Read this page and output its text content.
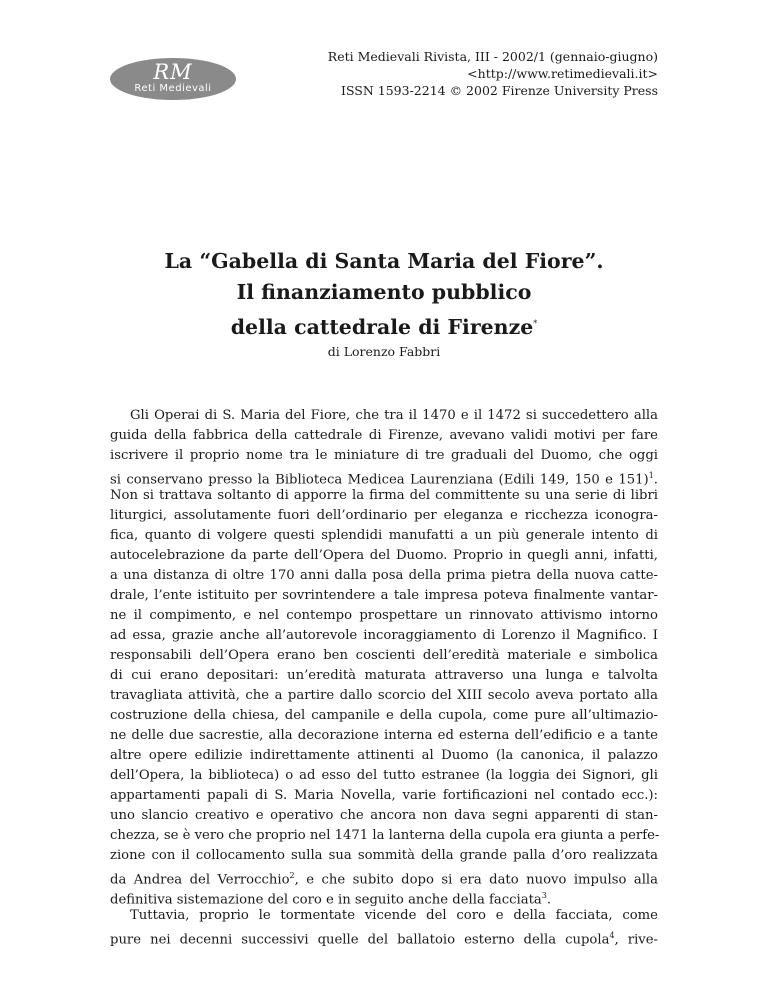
RM
Reti Medievali
Reti Medievali Rivista, III - 2002/1 (gennaio-giugno)
<http://www.retimedievali.it>
ISSN 1593-2214 © 2002 Firenze University Press
La “Gabella di Santa Maria del Fiore”.
Il finanziamento pubblico
della cattedrale di Firenze*
di Lorenzo Fabbri
Gli Operai di S. Maria del Fiore, che tra il 1470 e il 1472 si succedettero alla
guida della fabbrica della cattedrale di Firenze, avevano validi motivi per fare
iscrivere il proprio nome tra le miniature di tre graduali del Duomo, che oggi
si conservano presso la Biblioteca Medicea Laurenziana (Edili 149, 150 e 151)$^1$.
Non si trattava soltanto di apporre la firma del committente su una serie di libri
liturgici, assolutamente fuori dell’ordinario per eleganza e ricchezza iconogra-
fica, quanto di volgere questi splendidi manufatti a un più generale intento di
autocelebrazione da parte dell’Opera del Duomo. Proprio in quegli anni, infatti,
a una distanza di oltre 170 anni dalla posa della prima pietra della nuova catte-
drale, l’ente istituito per sovrintendere a tale impresa poteva finalmente vantar-
ne il compimento, e nel contempo prospettare un rinnovato attivismo intorno
ad essa, grazie anche all’autorevole incoraggiamento di Lorenzo il Magnifico. I
responsabili dell’Opera erano ben coscienti dell’eredità materiale e simbolica
di cui erano depositari: un’eredità maturata attraverso una lunga e talvolta
travagliata attività, che a partire dallo scorcio del XIII secolo aveva portato alla
costruzione della chiesa, del campanile e della cupola, come pure all’ultimazio-
ne delle due sacrestie, alla decorazione interna ed esterna dell’edificio e a tante
altre opere edilizie indirettamente attinenti al Duomo (la canonica, il palazzo
dell’Opera, la biblioteca) o ad esso del tutto estranee (la loggia dei Signori, gli
appartamenti papali di S. Maria Novella, varie fortificazioni nel contado ecc.):
uno slancio creativo e operativo che ancora non dava segni apparenti di stan-
chezza, se è vero che proprio nel 1471 la lanterna della cupola era giunta a perfe-
zione con il collocamento sulla sua sommità della grande palla d’oro realizzata
da Andrea del Verrocchio$^2$, e che subito dopo si era dato nuovo impulso alla
definitiva sistemazione del coro e in seguito anche della facciata$^3$.
Tuttavia, proprio le tormentate vicende del coro e della facciata, come
pure nei decenni successivi quelle del ballatoio esterno della cupola$^4$, rive-
